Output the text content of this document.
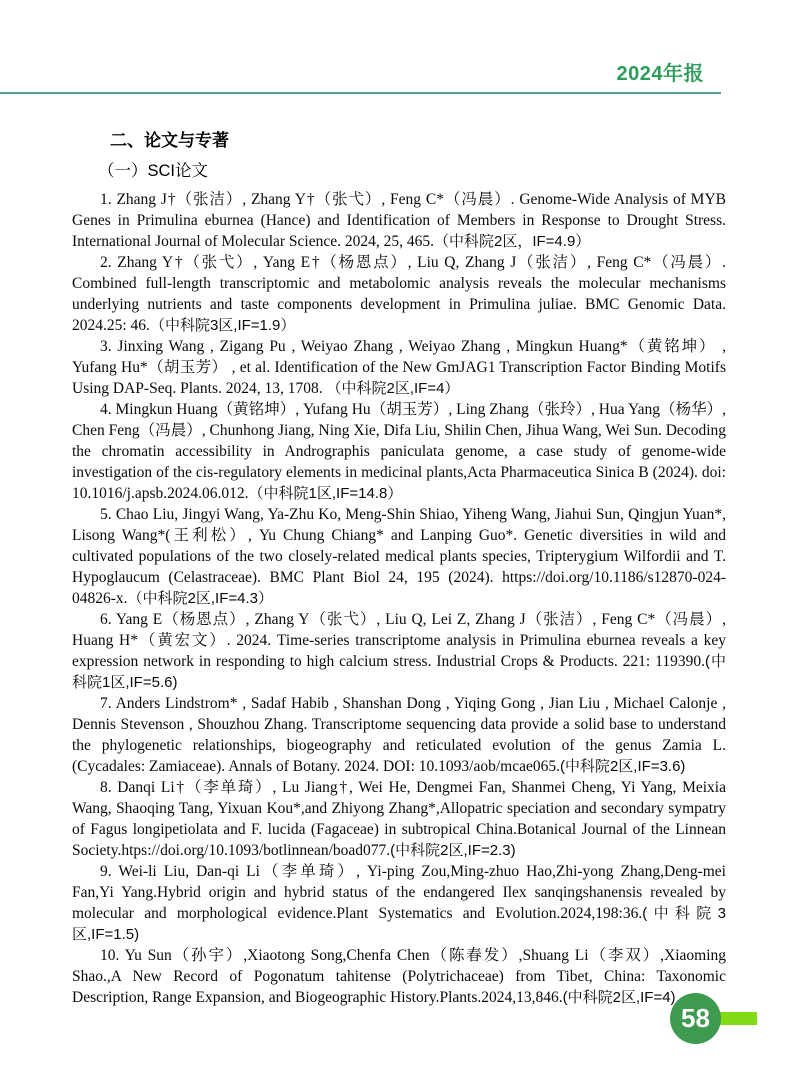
2024年报
二、论文与专著
（一）SCI论文

1. Zhang J†（张洁）, Zhang Y†（张弋）, Feng C*（冯晨）. Genome-Wide Analysis of MYB Genes in Primulina eburnea (Hance) and Identification of Members in Response to Drought Stress. International Journal of Molecular Science. 2024, 25, 465.（中科院2区，IF=4.9）

2. Zhang Y†（张弋）, Yang E†（杨恩点）, Liu Q, Zhang J（张洁）, Feng C*（冯晨）. Combined full-length transcriptomic and metabolomic analysis reveals the molecular mechanisms underlying nutrients and taste components development in Primulina juliae. BMC Genomic Data. 2024.25: 46.（中科院3区,IF=1.9）

3. Jinxing Wang , Zigang Pu , Weiyao Zhang , Weiyao Zhang , Mingkun Huang*（黄铭坤） , Yufang Hu*（胡玉芳） , et al. Identification of the New GmJAG1 Transcription Factor Binding Motifs Using DAP-Seq. Plants. 2024, 13, 1708. （中科院2区,IF=4）

4. Mingkun Huang（黄铭坤）, Yufang Hu（胡玉芳）, Ling Zhang（张玲）, Hua Yang（杨华）, Chen Feng（冯晨）, Chunhong Jiang, Ning Xie, Difa Liu, Shilin Chen, Jihua Wang, Wei Sun. Decoding the chromatin accessibility in Andrographis paniculata genome, a case study of genome-wide investigation of the cis-regulatory elements in medicinal plants,Acta Pharmaceutica Sinica B (2024). doi: 10.1016/j.apsb.2024.06.012.（中科院1区,IF=14.8）

5. Chao Liu, Jingyi Wang, Ya-Zhu Ko, Meng-Shin Shiao, Yiheng Wang, Jiahui Sun, Qingjun Yuan*, Lisong Wang*(王利松）, Yu Chung Chiang* and Lanping Guo*. Genetic diversities in wild and cultivated populations of the two closely-related medical plants species, Tripterygium Wilfordii and T. Hypoglaucum (Celastraceae). BMC Plant Biol 24, 195 (2024). https://doi.org/10.1186/s12870-024-04826-x.（中科院2区,IF=4.3）

6. Yang E（杨恩点）, Zhang Y（张弋）, Liu Q, Lei Z, Zhang J（张洁）, Feng C*（冯晨）, Huang H*（黄宏文）. 2024. Time-series transcriptome analysis in Primulina eburnea reveals a key expression network in responding to high calcium stress. Industrial Crops & Products. 221: 119390.(中科院1区,IF=5.6)

7. Anders Lindstrom* , Sadaf Habib , Shanshan Dong , Yiqing Gong , Jian Liu , Michael Calonje , Dennis Stevenson , Shouzhou Zhang. Transcriptome sequencing data provide a solid base to understand the phylogenetic relationships, biogeography and reticulated evolution of the genus Zamia L. (Cycadales: Zamiaceae). Annals of Botany. 2024. DOI: 10.1093/aob/mcae065.(中科院2区,IF=3.6)

8. Danqi Li†（李单琦）, Lu Jiang†, Wei He, Dengmei Fan, Shanmei Cheng, Yi Yang, Meixia Wang, Shaoqing Tang, Yixuan Kou*,and Zhiyong Zhang*,Allopatric speciation and secondary sympatry of Fagus longipetiolata and F. lucida (Fagaceae) in subtropical China.Botanical Journal of the Linnean Society.htps://doi.org/10.1093/botlinnean/boad077.(中科院2区,IF=2.3)

9. Wei-li Liu, Dan-qi Li（李单琦）, Yi-ping Zou,Ming-zhuo Hao,Zhi-yong Zhang,Deng-mei Fan,Yi Yang.Hybrid origin and hybrid status of the endangered Ilex sanqingshanensis revealed by molecular and morphological evidence.Plant Systematics and Evolution.2024,198:36.(中科院3区,IF=1.5)

10. Yu Sun（孙宇）,Xiaotong Song,Chenfa Chen（陈春发）,Shuang Li（李双）,Xiaoming Shao.,A New Record of Pogonatum tahitense (Polytrichaceae) from Tibet, China: Taxonomic Description, Range Expansion, and Biogeographic History.Plants.2024,13,846.(中科院2区,IF=4)

58
